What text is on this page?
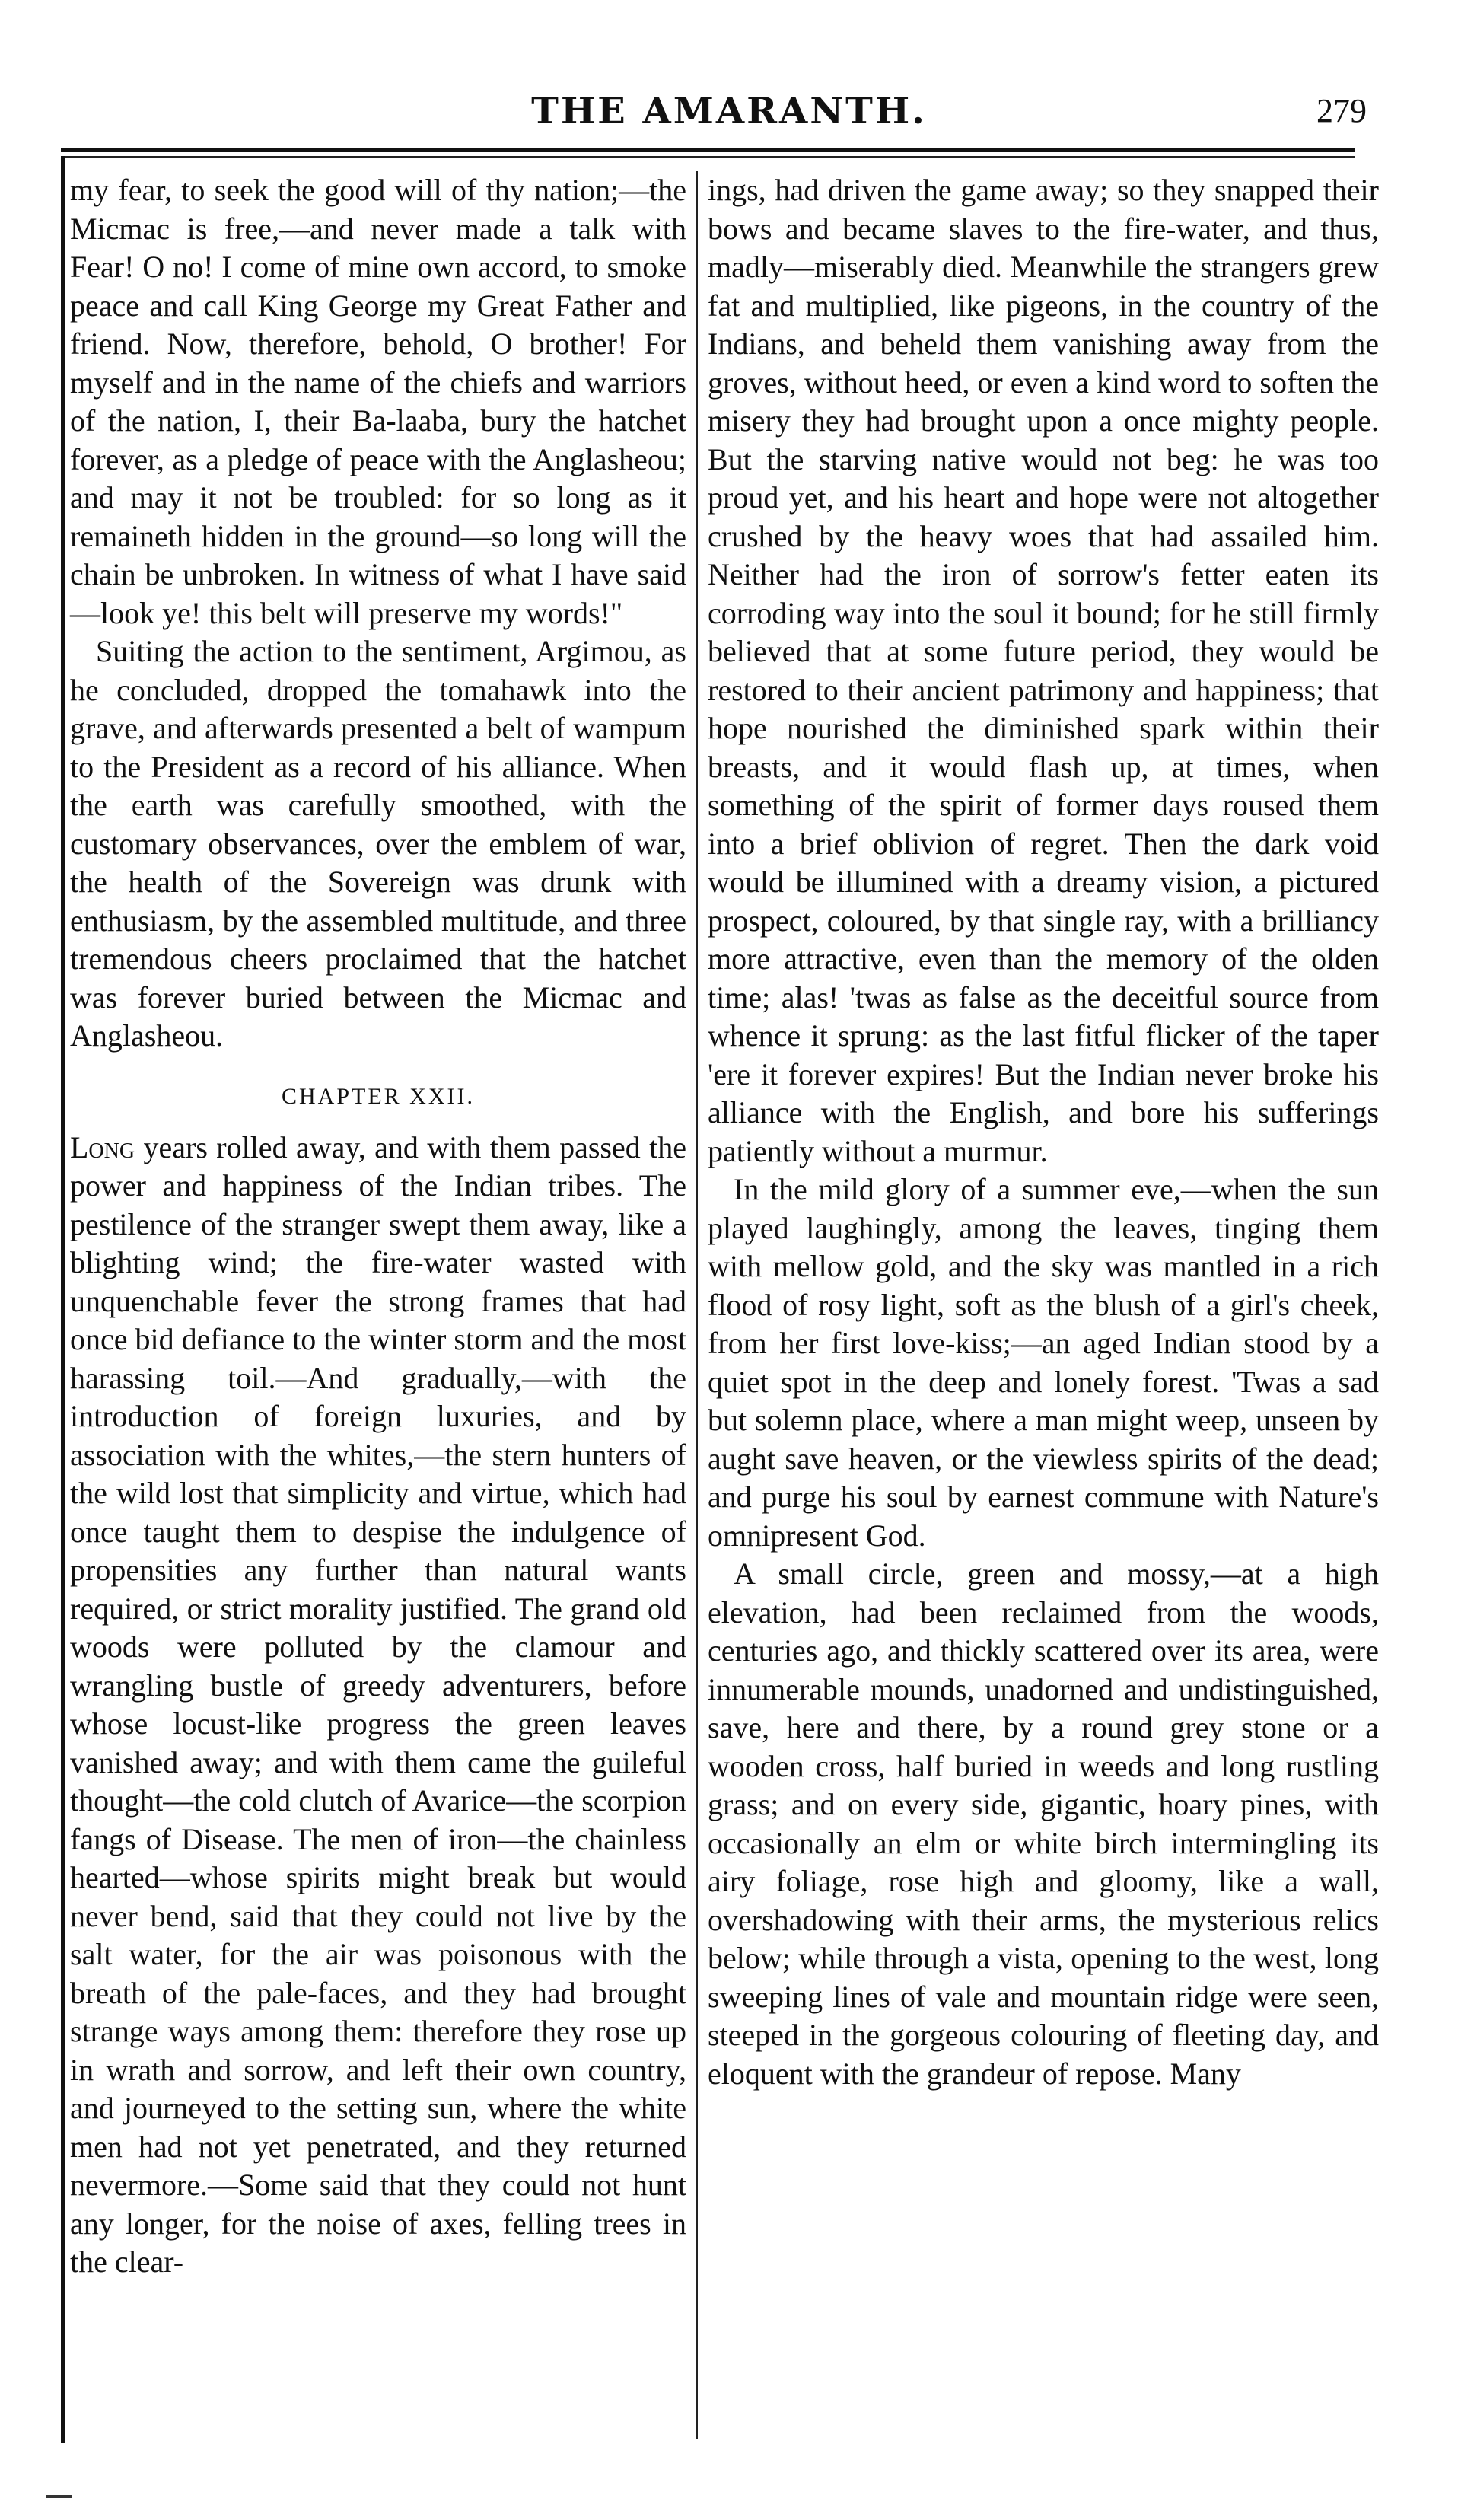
THE AMARANTH.	279

my fear, to seek the good will of thy nation;—the Micmac is free,—and never made a talk with Fear! O no! I come of mine own accord, to smoke peace and call King George my Great Father and friend. Now, therefore, behold, O brother! For myself and in the name of the chiefs and warriors of the nation, I, their Ba-laaba, bury the hatchet forever, as a pledge of peace with the Anglasheou; and may it not be troubled: for so long as it remaineth hidden in the ground—so long will the chain be unbroken. In witness of what I have said—look ye! this belt will preserve my words!"

Suiting the action to the sentiment, Argimou, as he concluded, dropped the tomahawk into the grave, and afterwards presented a belt of wampum to the President as a record of his alliance. When the earth was carefully smoothed, with the customary observances, over the emblem of war, the health of the Sovereign was drunk with enthusiasm, by the assembled multitude, and three tremendous cheers proclaimed that the hatchet was forever buried between the Micmac and Anglasheou.

CHAPTER XXII.

Long years rolled away, and with them passed the power and happiness of the Indian tribes. The pestilence of the stranger swept them away, like a blighting wind; the fire-water wasted with unquenchable fever the strong frames that had once bid defiance to the winter storm and the most harassing toil.—And gradually,—with the introduction of foreign luxuries, and by association with the whites,—the stern hunters of the wild lost that simplicity and virtue, which had once taught them to despise the indulgence of propensities any further than natural wants required, or strict morality justified. The grand old woods were polluted by the clamour and wrangling bustle of greedy adventurers, before whose locust-like progress the green leaves vanished away; and with them came the guileful thought—the cold clutch of Avarice—the scorpion fangs of Disease. The men of iron—the chainless hearted—whose spirits might break but would never bend, said that they could not live by the salt water, for the air was poisonous with the breath of the pale-faces, and they had brought strange ways among them: therefore they rose up in wrath and sorrow, and left their own country, and journeyed to the setting sun, where the white men had not yet penetrated, and they returned nevermore.—Some said that they could not hunt any longer, for the noise of axes, felling trees in the clear-

ings, had driven the game away; so they snapped their bows and became slaves to the fire-water, and thus, madly—miserably died. Meanwhile the strangers grew fat and multiplied, like pigeons, in the country of the Indians, and beheld them vanishing away from the groves, without heed, or even a kind word to soften the misery they had brought upon a once mighty people. But the starving native would not beg: he was too proud yet, and his heart and hope were not altogether crushed by the heavy woes that had assailed him. Neither had the iron of sorrow's fetter eaten its corroding way into the soul it bound; for he still firmly believed that at some future period, they would be restored to their ancient patrimony and happiness; that hope nourished the diminished spark within their breasts, and it would flash up, at times, when something of the spirit of former days roused them into a brief oblivion of regret. Then the dark void would be illumined with a dreamy vision, a pictured prospect, coloured, by that single ray, with a brilliancy more attractive, even than the memory of the olden time; alas! 'twas as false as the deceitful source from whence it sprung: as the last fitful flicker of the taper 'ere it forever expires! But the Indian never broke his alliance with the English, and bore his sufferings patiently without a murmur.

In the mild glory of a summer eve,—when the sun played laughingly, among the leaves, tinging them with mellow gold, and the sky was mantled in a rich flood of rosy light, soft as the blush of a girl's cheek, from her first love-kiss;—an aged Indian stood by a quiet spot in the deep and lonely forest. 'Twas a sad but solemn place, where a man might weep, unseen by aught save heaven, or the viewless spirits of the dead; and purge his soul by earnest commune with Nature's omnipresent God.

A small circle, green and mossy,—at a high elevation, had been reclaimed from the woods, centuries ago, and thickly scattered over its area, were innumerable mounds, unadorned and undistinguished, save, here and there, by a round grey stone or a wooden cross, half buried in weeds and long rustling grass; and on every side, gigantic, hoary pines, with occasionally an elm or white birch intermingling its airy foliage, rose high and gloomy, like a wall, overshadowing with their arms, the mysterious relics below; while through a vista, opening to the west, long sweeping lines of vale and mountain ridge were seen, steeped in the gorgeous colouring of fleeting day, and eloquent with the grandeur of repose. Many
